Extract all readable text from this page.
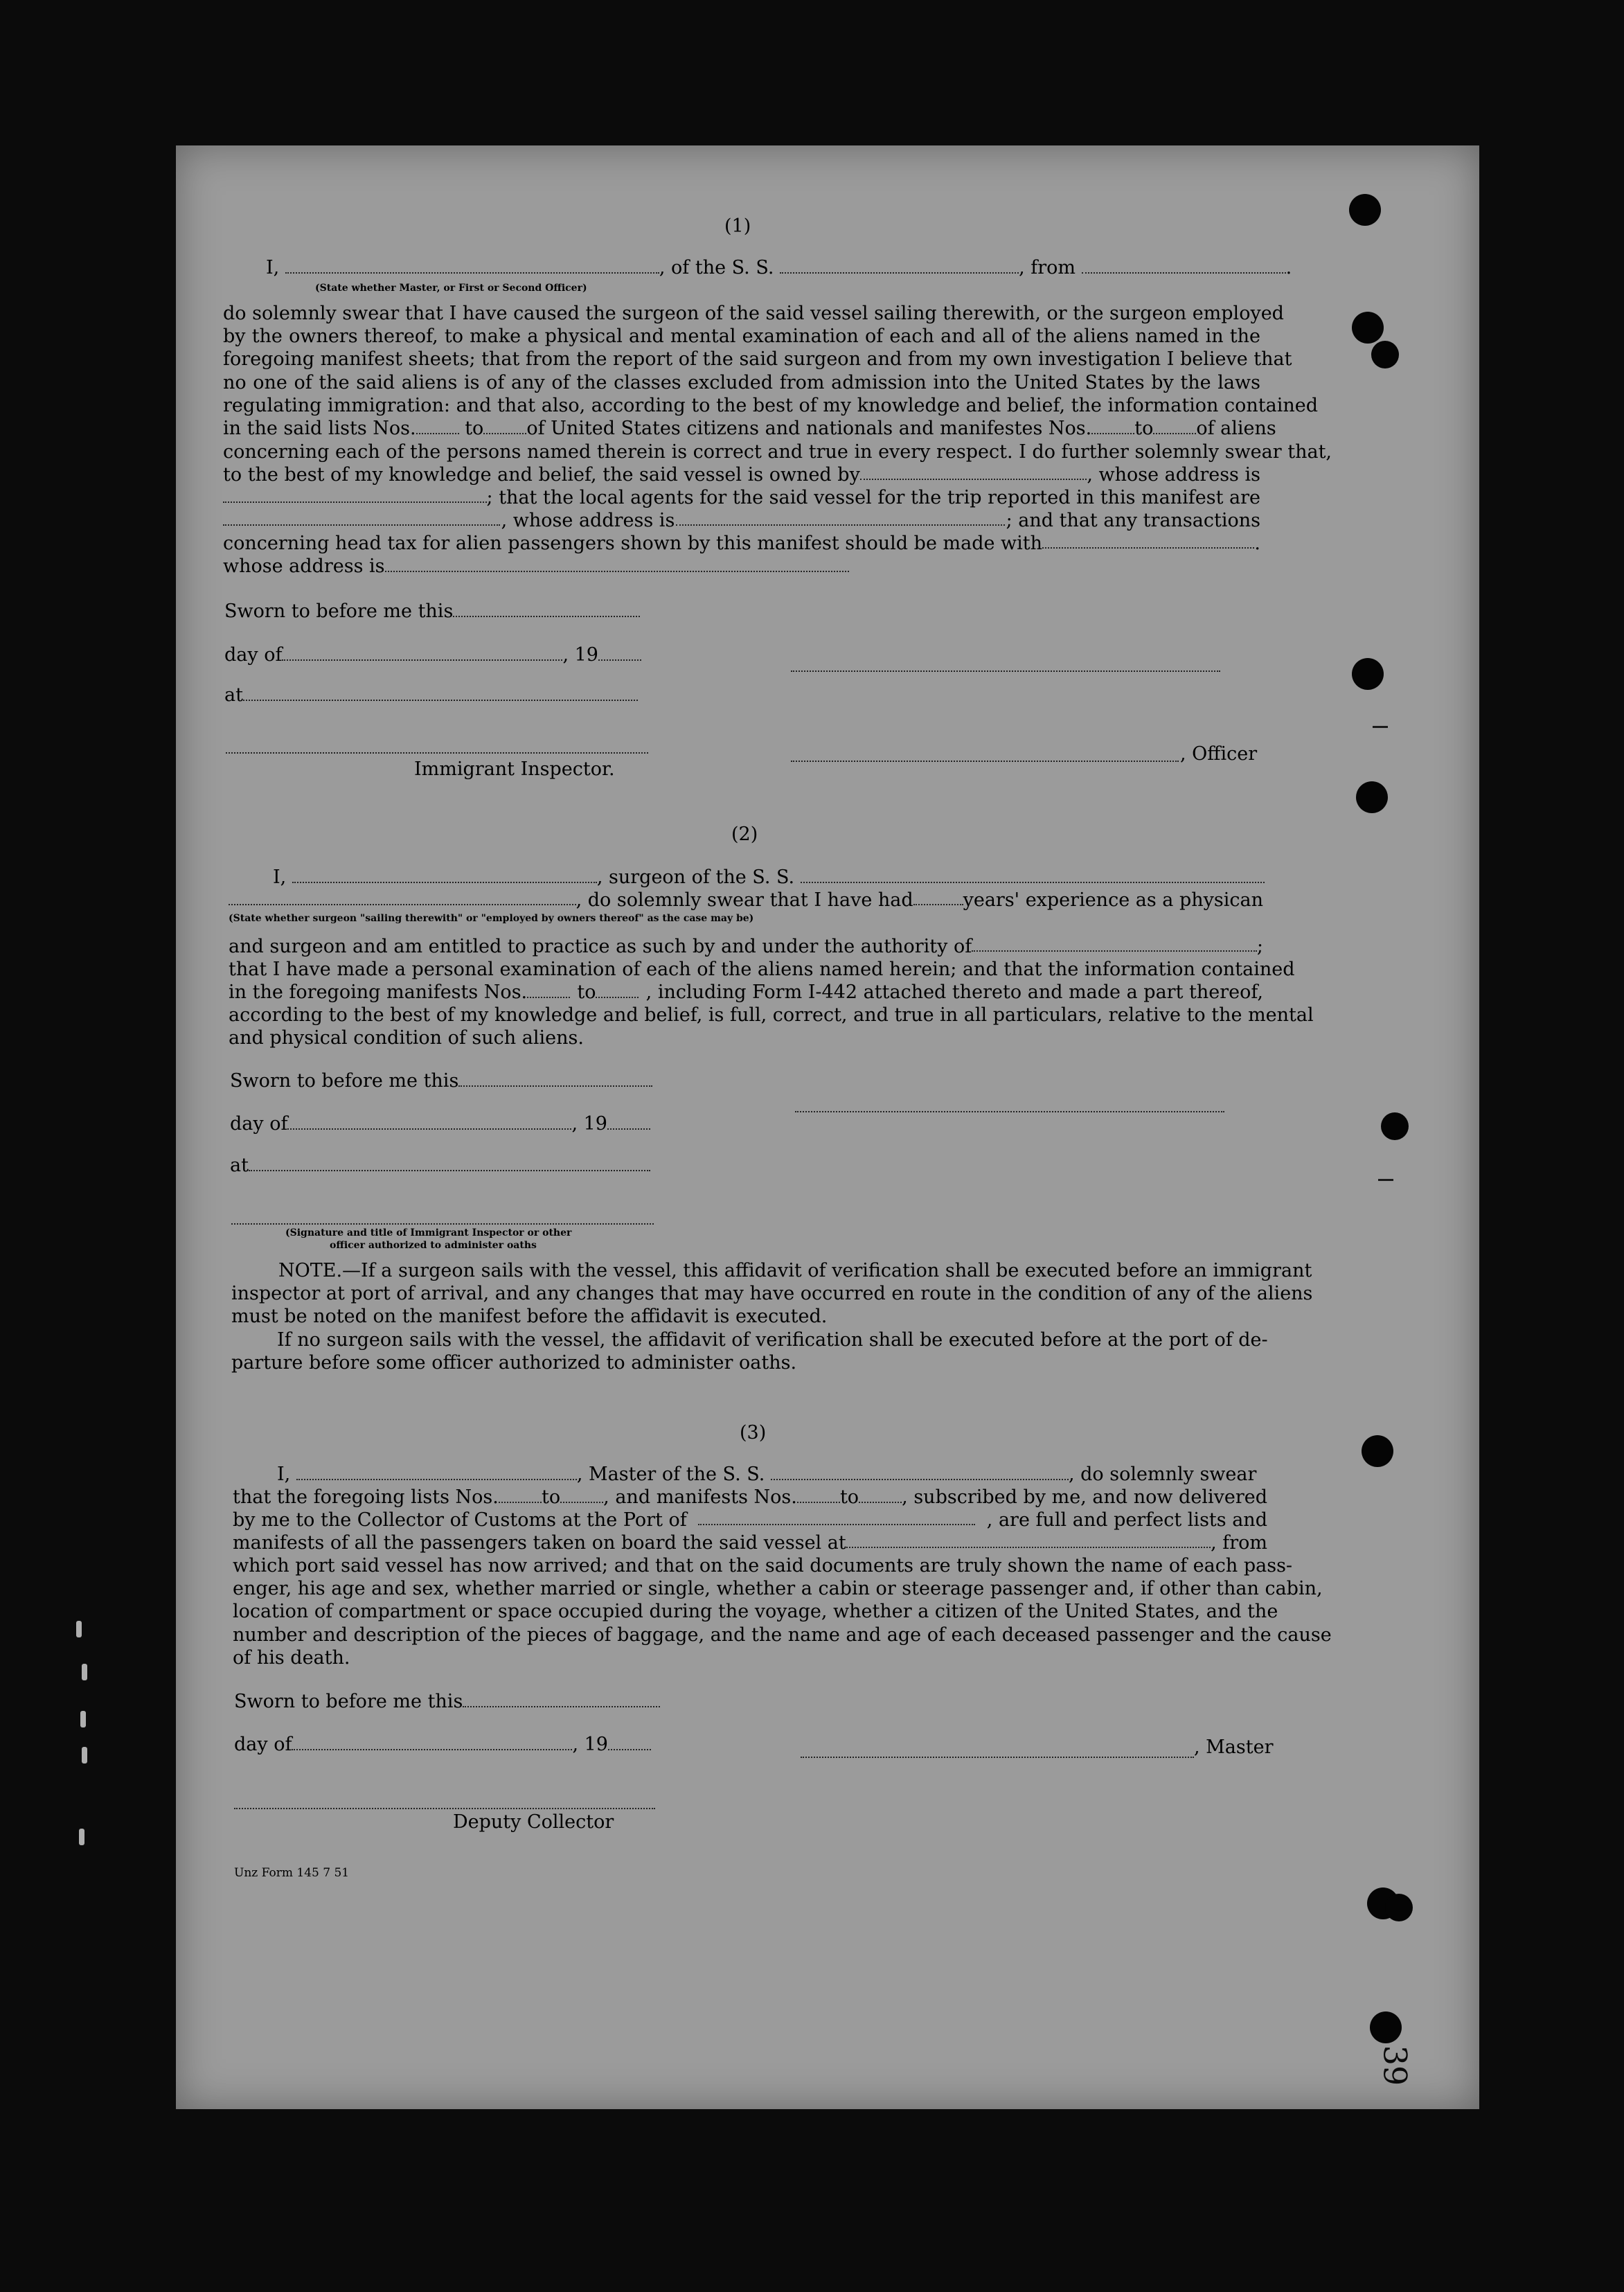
39
(1)
I,	, of the S. S.	, from	.
(State whether Master, or First or Second Officer)
do solemnly swear that I have caused the surgeon of the said vessel sailing therewith, or the surgeon employed
by the owners thereof, to make a physical and mental examination of each and all of the aliens named in the
foregoing manifest sheets; that from the report of the said surgeon and from my own investigation I believe that
no one of the said aliens is of any of the classes excluded from admission into the United States by the laws
regulating immigration: and that also, according to the best of my knowledge and belief, the information contained
in the said lists Nos.	to	of United States citizens and nationals and manifestes Nos.	to	of aliens
concerning each of the persons named therein is correct and true in every respect. I do further solemnly swear that,
to the best of my knowledge and belief, the said vessel is owned by	, whose address is
; that the local agents for the said vessel for the trip reported in this manifest are
, whose address is	; and that any transactions
concerning head tax for alien passengers shown by this manifest should be made with	.
whose address is
Sworn to before me this
day of	, 19
at
, Officer
Immigrant Inspector.
(2)
I,	, surgeon of the S. S.
, do solemnly swear that I have had	years' experience as a physican
(State whether surgeon "sailing therewith" or "employed by owners thereof" as the case may be)
and surgeon and am entitled to practice as such by and under the authority of	;
that I have made a personal examination of each of the aliens named herein; and that the information contained
in the foregoing manifests Nos.	to	, including Form I-442 attached thereto and made a part thereof,
according to the best of my knowledge and belief, is full, correct, and true in all particulars, relative to the mental
and physical condition of such aliens.
Sworn to before me this
day of	, 19
at
(Signature and title of Immigrant Inspector or other
officer authorized to administer oaths
NOTE.—If a surgeon sails with the vessel, this affidavit of verification shall be executed before an immigrant
inspector at port of arrival, and any changes that may have occurred en route in the condition of any of the aliens
must be noted on the manifest before the affidavit is executed.
If no surgeon sails with the vessel, the affidavit of verification shall be executed before at the port of de-
parture before some officer authorized to administer oaths.
(3)
I,	, Master of the S. S.	, do solemnly swear
that the foregoing lists Nos.	to	, and manifests Nos.	to	, subscribed by me, and now delivered
by me to the Collector of Customs at the Port of	, are full and perfect lists and
manifests of all the passengers taken on board the said vessel at	, from
which port said vessel has now arrived; and that on the said documents are truly shown the name of each pass-
enger, his age and sex, whether married or single, whether a cabin or steerage passenger and, if other than cabin,
location of compartment or space occupied during the voyage, whether a citizen of the United States, and the
number and description of the pieces of baggage, and the name and age of each deceased passenger and the cause
of his death.
Sworn to before me this
day of	, 19	, Master
Deputy Collector
Unz Form 145 7 51
